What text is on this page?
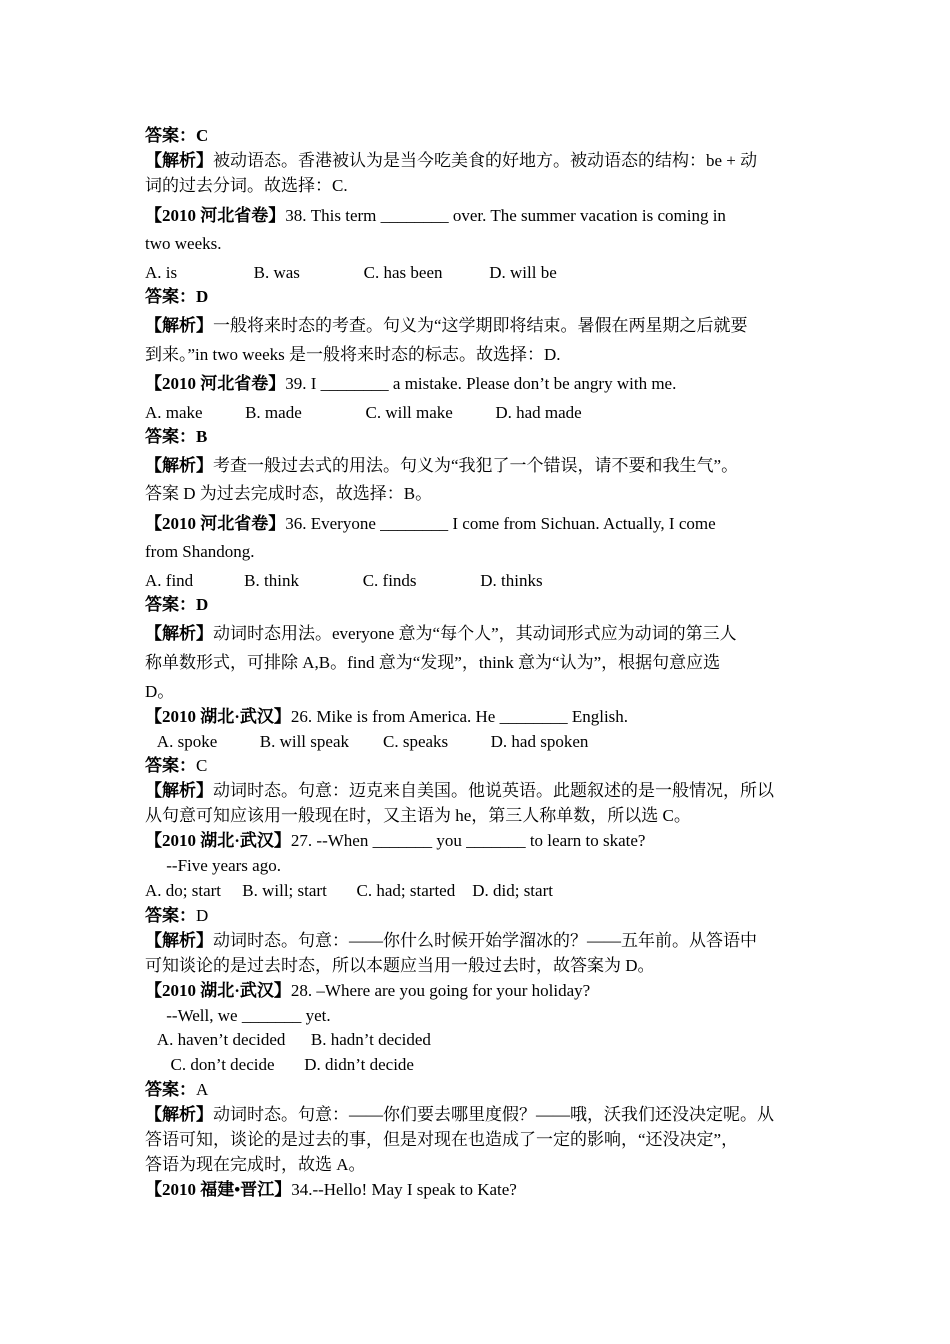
答案：C
【解析】被动语态。香港被认为是当今吃美食的好地方。被动语态的结构：be + 动
词的过去分词。故选择：C.
【2010 河北省卷】38. This term ________ over. The summer vacation is coming in
two weeks.
A. is                  B. was               C. has been           D. will be
答案：D
【解析】一般将来时态的考查。句义为“这学期即将结束。暑假在两星期之后就要
到来。”in two weeks 是一般将来时态的标志。故选择：D.
【2010 河北省卷】39. I ________ a mistake. Please don’t be angry with me.
A. make          B. made               C. will make          D. had made
答案：B
【解析】考查一般过去式的用法。句义为“我犯了一个错误，请不要和我生气”。
答案 D 为过去完成时态，故选择：B。
【2010 河北省卷】36. Everyone ________ I come from Sichuan. Actually, I come
from Shandong.
A. find            B. think               C. finds               D. thinks
答案：D
【解析】动词时态用法。everyone 意为“每个人”，其动词形式应为动词的第三人
称单数形式，可排除 A,B。find 意为“发现”，think 意为“认为”，根据句意应选
D。
【2010 湖北·武汉】26. Mike is from America. He ________ English.
A. spoke          B. will speak        C. speaks          D. had spoken
答案：C
【解析】动词时态。句意：迈克来自美国。他说英语。此题叙述的是一般情况，所以
从句意可知应该用一般现在时，又主语为 he，第三人称单数，所以选 C。
【2010 湖北·武汉】27. --When _______ you _______ to learn to skate?
--Five years ago.
A. do; start     B. will; start       C. had; started    D. did; start
答案：D
【解析】动词时态。句意：——你什么时候开始学溜冰的？——五年前。从答语中
可知谈论的是过去时态，所以本题应当用一般过去时，故答案为 D。
【2010 湖北·武汉】28. –Where are you going for your holiday?
--Well, we _______ yet.
A. haven’t decided      B. hadn’t decided
C. don’t decide       D. didn’t decide
答案：A
【解析】动词时态。句意：——你们要去哪里度假？——哦，沃我们还没决定呢。从
答语可知，谈论的是过去的事，但是对现在也造成了一定的影响，“还没决定”，
答语为现在完成时，故选 A。
【2010 福建•晋江】34.--Hello! May I speak to Kate?
